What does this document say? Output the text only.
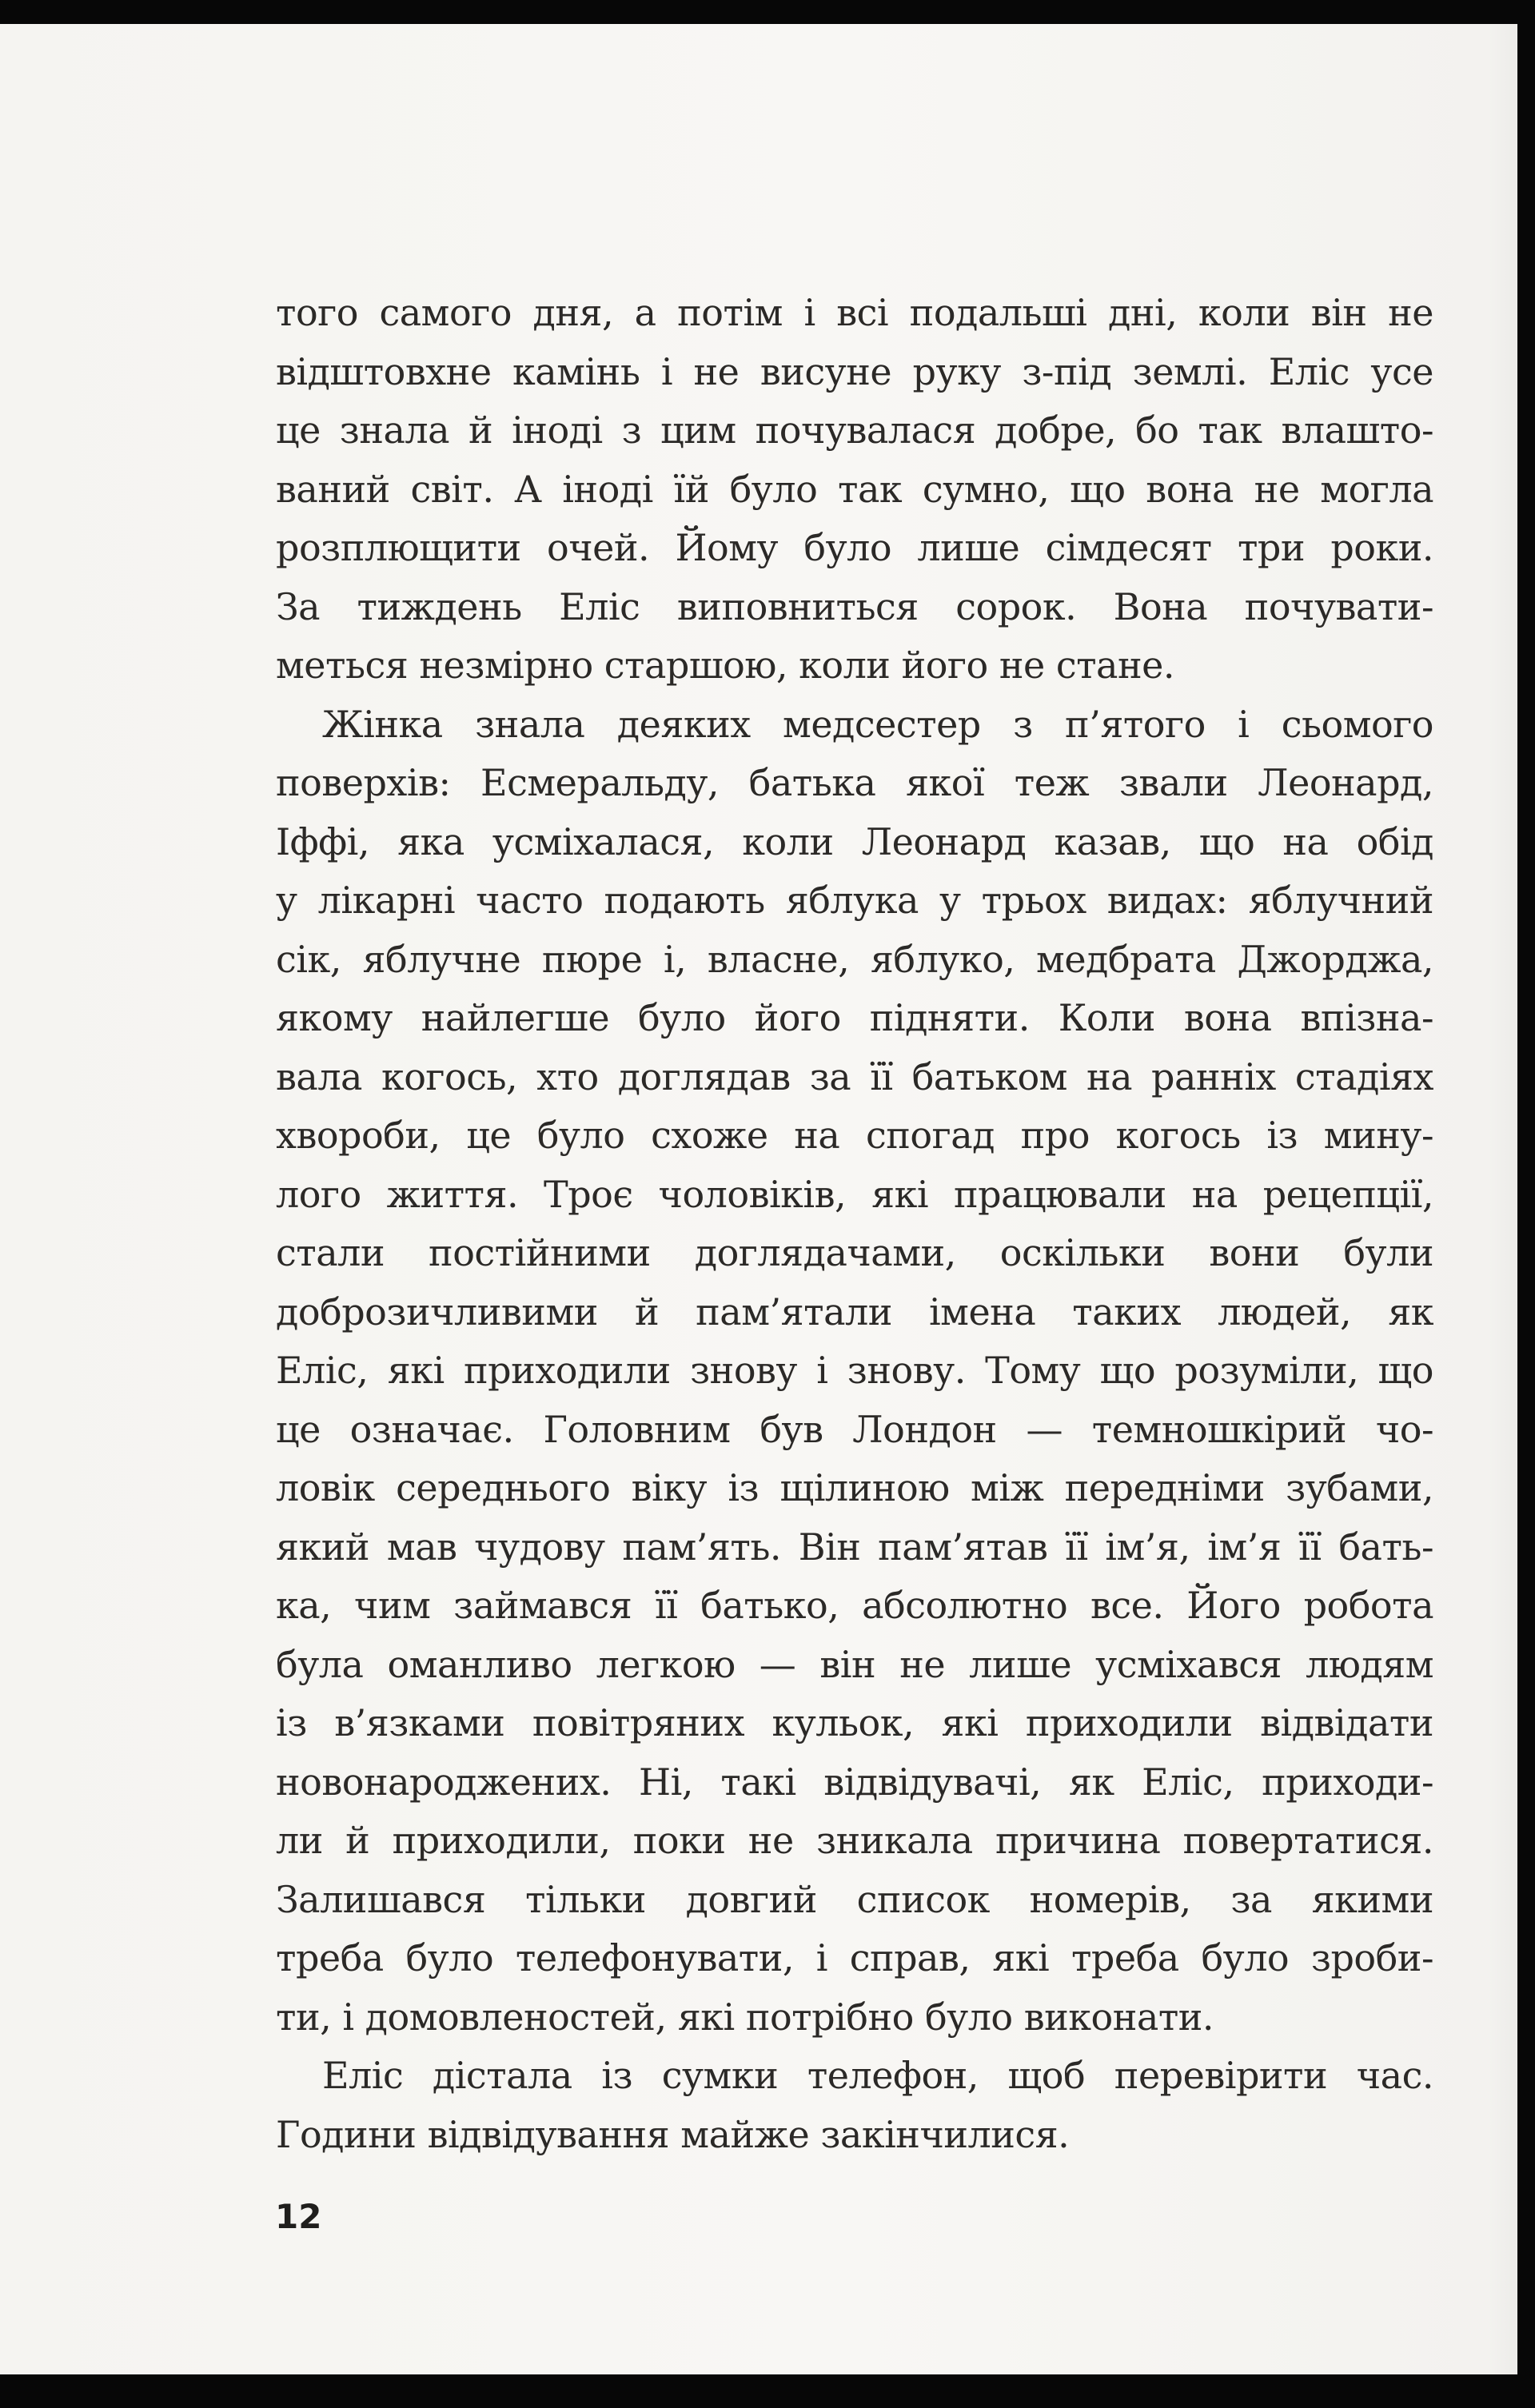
того самого дня, а потім і всі подальші дні, коли він не
відштовхне камінь і не висуне руку з-під землі. Еліс усе
це знала й іноді з цим почувалася добре, бо так влашто-
ваний світ. А іноді їй було так сумно, що вона не могла
розплющити очей. Йому було лише сімдесят три роки.
За тиждень Еліс виповниться сорок. Вона почувати-
меться незмірно старшою, коли його не стане.
Жінка знала деяких медсестер з п’ятого і сьомого
поверхів: Есмеральду, батька якої теж звали Леонард,
Іффі, яка усміхалася, коли Леонард казав, що на обід
у лікарні часто подають яблука у трьох видах: яблучний
сік, яблучне пюре і, власне, яблуко, медбрата Джорджа,
якому найлегше було його підняти. Коли вона впізна-
вала когось, хто доглядав за її батьком на ранніх стадіях
хвороби, це було схоже на спогад про когось із мину-
лого життя. Троє чоловіків, які працювали на рецепції,
стали постійними доглядачами, оскільки вони були
доброзичливими й пам’ятали імена таких людей, як
Еліс, які приходили знову і знову. Тому що розуміли, що
це означає. Головним був Лондон — темношкірий чо-
ловік середнього віку із щілиною між передніми зубами,
який мав чудову пам’ять. Він пам’ятав її ім’я, ім’я її бать-
ка, чим займався її батько, абсолютно все. Його робота
була оманливо легкою — він не лише усміхався людям
із в’язками повітряних кульок, які приходили відвідати
новонароджених. Ні, такі відвідувачі, як Еліс, приходи-
ли й приходили, поки не зникала причина повертатися.
Залишався тільки довгий список номерів, за якими
треба було телефонувати, і справ, які треба було зроби-
ти, і домовленостей, які потрібно було виконати.
Еліс дістала із сумки телефон, щоб перевірити час.
Години відвідування майже закінчилися.
12
